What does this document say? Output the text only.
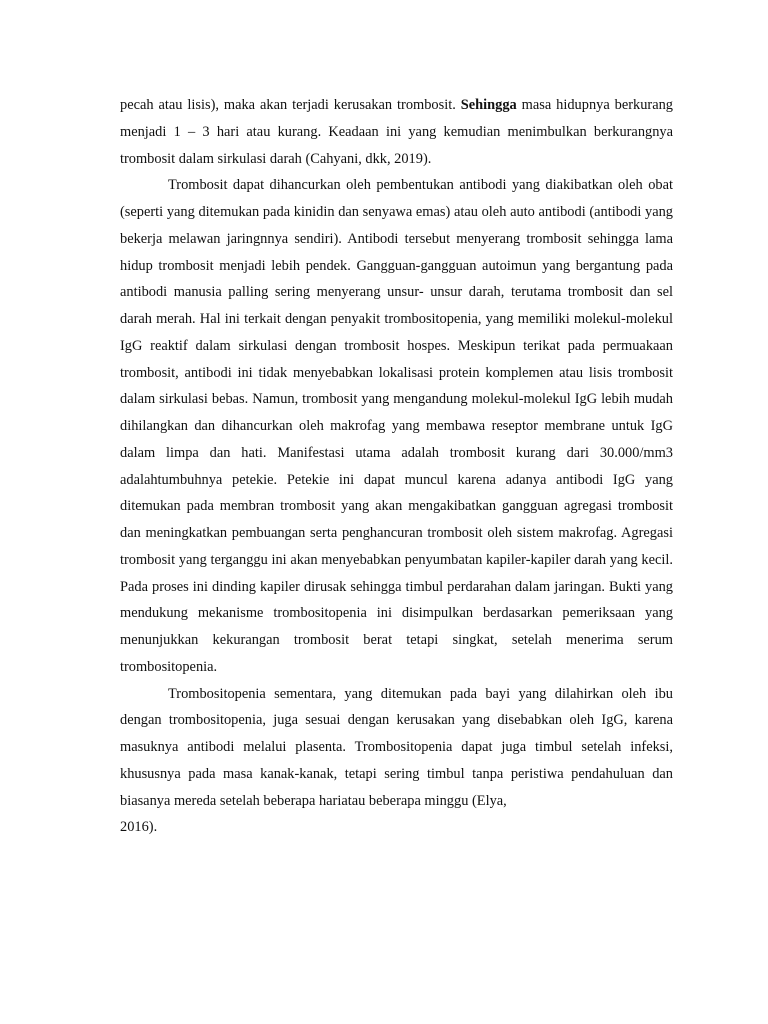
pecah atau lisis), maka akan terjadi kerusakan trombosit. Sehingga masa hidupnya berkurang menjadi 1 – 3 hari atau kurang. Keadaan ini yang kemudian menimbulkan berkurangnya trombosit dalam sirkulasi darah (Cahyani, dkk, 2019).

Trombosit dapat dihancurkan oleh pembentukan antibodi yang diakibatkan oleh obat (seperti yang ditemukan pada kinidin dan senyawa emas) atau oleh auto antibodi (antibodi yang bekerja melawan jaringnnya sendiri). Antibodi tersebut menyerang trombosit sehingga lama hidup trombosit menjadi lebih pendek. Gangguan-gangguan autoimun yang bergantung pada antibodi manusia palling sering menyerang unsur- unsur darah, terutama trombosit dan sel darah merah. Hal ini terkait dengan penyakit trombositopenia, yang memiliki molekul-molekul IgG reaktif dalam sirkulasi dengan trombosit hospes. Meskipun terikat pada permuakaan trombosit, antibodi ini tidak menyebabkan lokalisasi protein komplemen atau lisis trombosit dalam sirkulasi bebas. Namun, trombosit yang mengandung molekul-molekul IgG lebih mudah dihilangkan dan dihancurkan oleh makrofag yang membawa reseptor membrane untuk IgG dalam limpa dan hati. Manifestasi utama adalah trombosit kurang dari 30.000/mm3 adalahtumbuhnya petekie. Petekie ini dapat muncul karena adanya antibodi IgG yang ditemukan pada membran trombosit yang akan mengakibatkan gangguan agregasi trombosit dan meningkatkan pembuangan serta penghancuran trombosit oleh sistem makrofag. Agregasi trombosit yang terganggu ini akan menyebabkan penyumbatan kapiler-kapiler darah yang kecil. Pada proses ini dinding kapiler dirusak sehingga timbul perdarahan dalam jaringan. Bukti yang mendukung mekanisme trombositopenia ini disimpulkan berdasarkan pemeriksaan yang menunjukkan kekurangan trombosit berat tetapi singkat, setelah menerima serum trombositopenia.

Trombositopenia sementara, yang ditemukan pada bayi yang dilahirkan oleh ibu dengan trombositopenia, juga sesuai dengan kerusakan yang disebabkan oleh IgG, karena masuknya antibodi melalui plasenta. Trombositopenia dapat juga timbul setelah infeksi, khususnya pada masa kanak-kanak, tetapi sering timbul tanpa peristiwa pendahuluan dan biasanya mereda setelah beberapa hariatau beberapa minggu (Elya,

2016).
